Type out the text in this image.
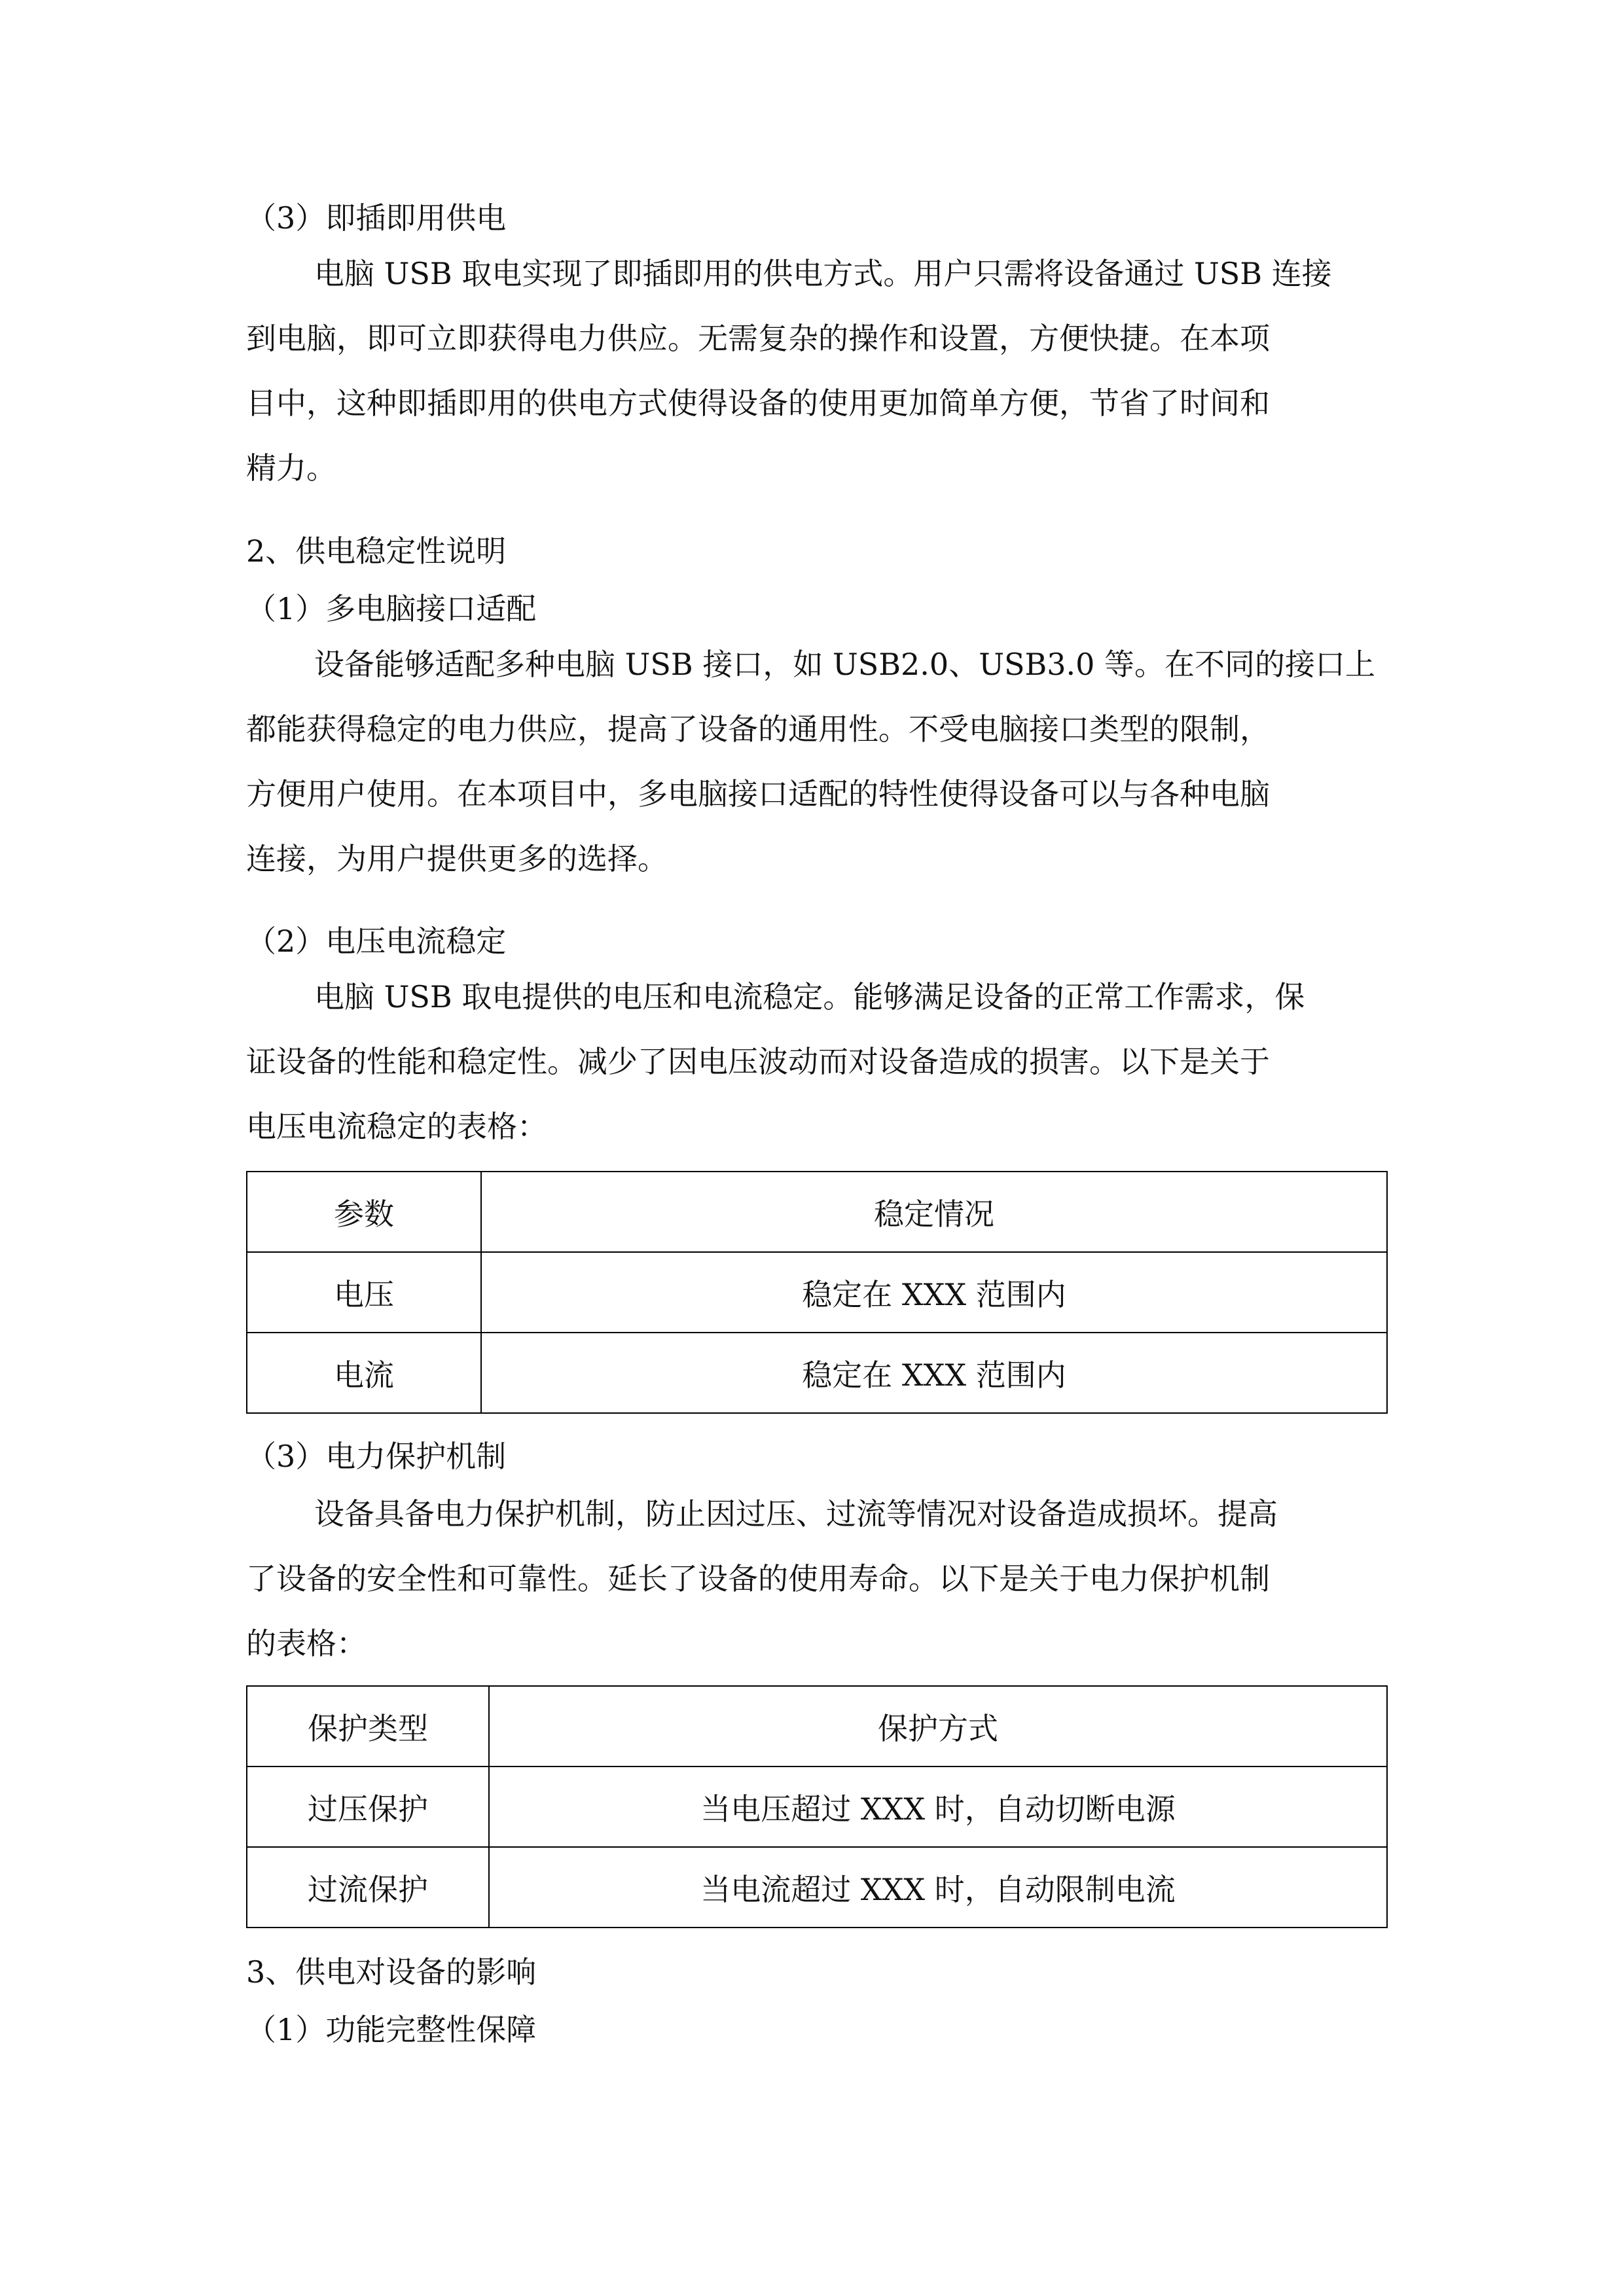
（3）即插即用供电

电脑 USB 取电实现了即插即用的供电方式。用户只需将设备通过 USB 连接
到电脑，即可立即获得电力供应。无需复杂的操作和设置，方便快捷。在本项
目中，这种即插即用的供电方式使得设备的使用更加简单方便，节省了时间和
精力。

2、供电稳定性说明

（1）多电脑接口适配

设备能够适配多种电脑 USB 接口，如 USB2.0、USB3.0 等。在不同的接口上
都能获得稳定的电力供应，提高了设备的通用性。不受电脑接口类型的限制，
方便用户使用。在本项目中，多电脑接口适配的特性使得设备可以与各种电脑
连接，为用户提供更多的选择。

（2）电压电流稳定

电脑 USB 取电提供的电压和电流稳定。能够满足设备的正常工作需求，保
证设备的性能和稳定性。减少了因电压波动而对设备造成的损害。以下是关于
电压电流稳定的表格：
参数	稳定情况
电压	稳定在 XXX 范围内
电流	稳定在 XXX 范围内

（3）电力保护机制

设备具备电力保护机制，防止因过压、过流等情况对设备造成损坏。提高
了设备的安全性和可靠性。延长了设备的使用寿命。以下是关于电力保护机制
的表格：
保护类型	保护方式
过压保护	当电压超过 XXX 时，自动切断电源
过流保护	当电流超过 XXX 时，自动限制电流

3、供电对设备的影响

（1）功能完整性保障
